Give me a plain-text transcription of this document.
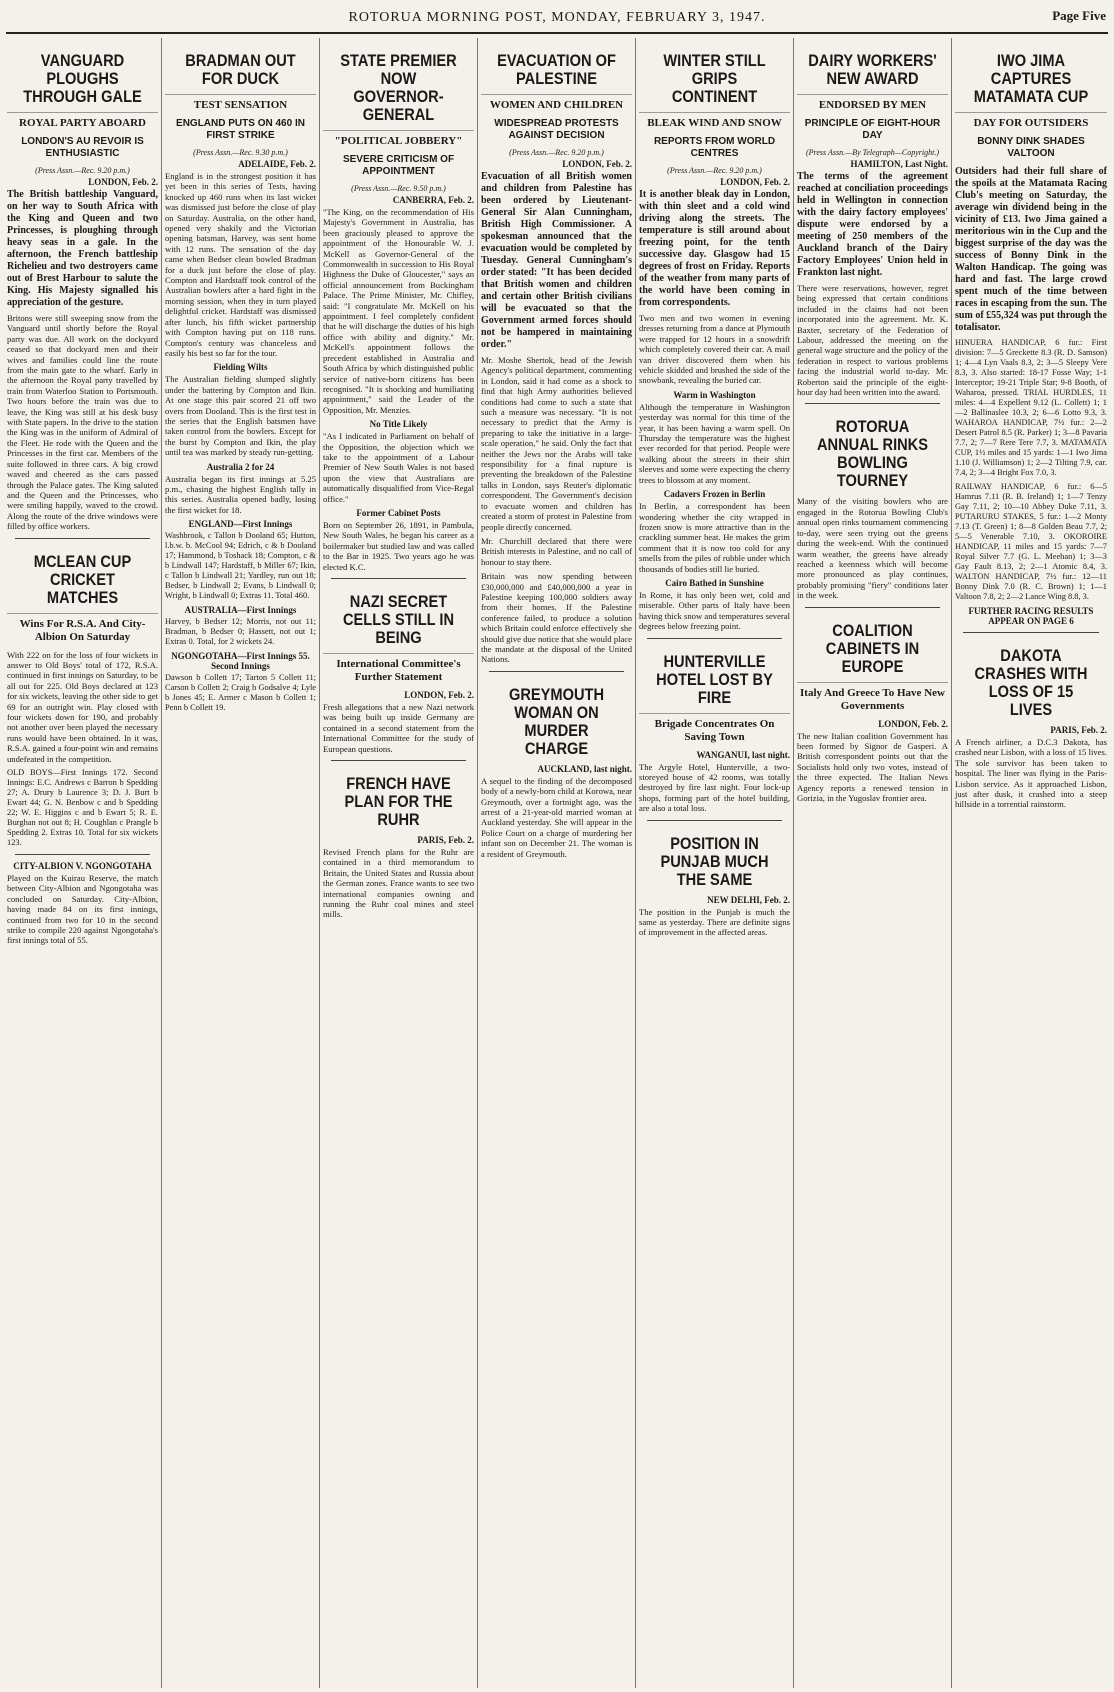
ROTORUA MORNING POST, MONDAY, FEBRUARY 3, 1947.	Page Five
VANGUARD PLOUGHS THROUGH GALE
ROYAL PARTY ABOARD
LONDON'S AU REVOIR IS ENTHUSIASTIC
(Press Assn.—Rec. 9.20 p.m.)
LONDON, Feb. 2.
The British battleship Vanguard, on her way to South Africa with the King and Queen and two Princesses, is ploughing through heavy seas in a gale. In the afternoon, the French battleship Richelieu and two destroyers came out of Brest Harbour to salute the King. His Majesty signalled his appreciation of the gesture.
Britons were still sweeping snow from the Vanguard until shortly before the Royal party was due. All work on the dockyard ceased so that dockyard men and their wives and families could line the route from the main gate to the wharf. Early in the afternoon the Royal party travelled by train from Waterloo Station to Portsmouth. Two hours before the train was due to leave, the King was still at his desk busy with State papers. In the drive to the station the King was in the uniform of Admiral of the Fleet. He rode with the Queen and the Princesses in the first car. Members of the suite followed in three cars. A big crowd waved and cheered as the cars passed through the Palace gates. The King saluted and the Queen and the Princesses, who were smiling happily, waved to the crowd. Along the route of the drive windows were filled by office workers.
MCLEAN CUP CRICKET MATCHES
Wins For R.S.A. And City-Albion On Saturday
With 222 on for the loss of four wickets in answer to Old Boys' total of 172, R.S.A. continued in first innings on Saturday, to be all out for 225. Old Boys declared at 123 for six wickets, leaving the other side to get 69 for an outright win. Play closed with four wickets down for 190, and probably not another over been played the necessary runs would have been obtained. In it was, R.S.A. gained a four-point win and remains undefeated in the competition.
OLD BOYS—First Innings 172. Second Innings: E.C. Andrews c Barron b Spedding 27; A. Drury b Laurence 3; D. J. Burt b Ewart 44; G. N. Benbow c and b Spedding 22; W. E. Higgins c and b Ewart 5; R. E. Burghan not out 8; H. Coughlan c Prangle b Spedding 2. Extras 10. Total for six wickets 123.
CITY-ALBION V. NGONGOTAHA
Played on the Kuirau Reserve, the match between City-Albion and Ngongotaha was concluded on Saturday. City-Albion, having made 84 on its first innings, continued from two for 10 in the second strike to compile 220 against Ngongotaha's first innings total of 55.
BRADMAN OUT FOR DUCK
TEST SENSATION
ENGLAND PUTS ON 460 IN FIRST STRIKE
(Press Assn.—Rec. 9.30 p.m.)
ADELAIDE, Feb. 2.
England is in the strongest position it has yet been in this series of Tests, having knocked up 460 runs when its last wicket was dismissed just before the close of play on Saturday. Australia, on the other hand, opened very shakily and the Victorian opening batsman, Harvey, was sent home with 12 runs. The sensation of the day came when Bedser clean bowled Bradman for a duck just before the close of play. Compton and Hardstaff took control of the Australian bowlers after a hard fight in the morning session, when they in turn played delightful cricket. Hardstaff was dismissed after lunch, his fifth wicket partnership with Compton having put on 118 runs. Compton's century was chanceless and easily his best so far for the tour.
Fielding Wilts
The Australian fielding slumped slightly under the battering by Compton and Ikin. At one stage this pair scored 21 off two overs from Dooland. This is the first test in the series that the English batsmen have taken control from the bowlers. Except for the burst by Compton and Ikin, the play until tea was marked by steady run-getting.
Australia 2 for 24
Australia began its first innings at 5.25 p.m., chasing the highest English tally in this series. Australia opened badly, losing the first wicket for 18.
ENGLAND—First Innings
Washbrook, c Tallon b Dooland 65; Hutton, l.b.w. b. McCool 94; Edrich, c & b Dooland 17; Hammond, b Toshack 18; Compton, c & b Lindwall 147; Hardstaff, b Miller 67; Ikin, c Tallon b Lindwall 21; Yardley, run out 18; Bedser, b Lindwall 2; Evans, b Lindwall 0; Wright, b Lindwall 0; Extras 11. Total 460.
AUSTRALIA—First Innings
Harvey, b Bedser 12; Morris, not out 11; Bradman, b Bedser 0; Hassett, not out 1; Extras 0. Total, for 2 wickets 24.
NGONGOTAHA—First Innings 55. Second Innings
Dawson b Collett 17; Tarton 5 Collett 11; Carson b Collett 2; Craig h Godsalve 4; Lyle b Jones 45; E. Armer c Mason b Collett 1; Penn b Collett 19.
STATE PREMIER NOW GOVERNOR-GENERAL
"POLITICAL JOBBERY"
SEVERE CRITICISM OF APPOINTMENT
(Press Assn.—Rec. 9.50 p.m.)
CANBERRA, Feb. 2.
"The King, on the recommendation of His Majesty's Government in Australia, has been graciously pleased to approve the appointment of the Honourable W. J. McKell as Governor-General of the Commonwealth in succession to His Royal Highness the Duke of Gloucester," says an official announcement from Buckingham Palace. The Prime Minister, Mr. Chifley, said: "I congratulate Mr. McKell on his appointment. I feel completely confident that he will discharge the duties of his high office with ability and dignity." Mr. McKell's appointment follows the precedent established in Australia and South Africa by which distinguished public service of native-born citizens has been recognised. "It is shocking and humiliating appointment," said the Leader of the Opposition, Mr. Menzies.
No Title Likely
"As I indicated in Parliament on behalf of the Opposition, the objection which we take to the appointment of a Labour Premier of New South Wales is not based upon the view that Australians are automatically disqualified from Vice-Regal office."
Former Cabinet Posts
Born on September 26, 1891, in Pambula, New South Wales, he began his career as a boilermaker but studied law and was called to the Bar in 1925. Two years ago he was elected K.C.
NAZI SECRET CELLS STILL IN BEING
International Committee's Further Statement
LONDON, Feb. 2.
Fresh allegations that a new Nazi network was being built up inside Germany are contained in a second statement from the International Committee for the study of European questions.
FRENCH HAVE PLAN FOR THE RUHR
PARIS, Feb. 2.
Revised French plans for the Ruhr are contained in a third memorandum to Britain, the United States and Russia about the German zones. France wants to see two international companies owning and running the Ruhr coal mines and steel mills.
EVACUATION OF PALESTINE
WOMEN AND CHILDREN
WIDESPREAD PROTESTS AGAINST DECISION
(Press Assn.—Rec. 9.20 p.m.)
LONDON, Feb. 2.
Evacuation of all British women and children from Palestine has been ordered by Lieutenant-General Sir Alan Cunningham, British High Commissioner. A spokesman announced that the evacuation would be completed by Tuesday. General Cunningham's order stated: "It has been decided that British women and children and certain other British civilians will be evacuated so that the Government armed forces should not be hampered in maintaining order."
Mr. Moshe Shertok, head of the Jewish Agency's political department, commenting in London, said it had come as a shock to find that high Army authorities believed conditions had come to such a state that such a measure was necessary. "It is not necessary to predict that the Army is preparing to take the initiative in a large-scale operation," he said. Only the fact that neither the Jews nor the Arabs will take responsibility for a final rupture is preventing the breakdown of the Palestine talks in London, says Reuter's diplomatic correspondent. The Government's decision to evacuate women and children has created a storm of protest in Palestine from people directly concerned.
Mr. Churchill declared that there were British interests in Palestine, and no call of honour to stay there.
Britain was now spending between £30,000,000 and £40,000,000 a year in Palestine keeping 100,000 soldiers away from their homes. If the Palestine conference failed, to produce a solution which Britain could enforce effectively she should give due notice that she would place the mandate at the disposal of the United Nations.
GREYMOUTH WOMAN ON MURDER CHARGE
AUCKLAND, last night.
A sequel to the finding of the decomposed body of a newly-born child at Korowa, near Greymouth, over a fortnight ago, was the arrest of a 21-year-old married woman at Auckland yesterday. She will appear in the Police Court on a charge of murdering her infant son on December 21. The woman is a resident of Greymouth.
WINTER STILL GRIPS CONTINENT
BLEAK WIND AND SNOW
REPORTS FROM WORLD CENTRES
(Press Assn.—Rec. 9.20 p.m.)
LONDON, Feb. 2.
It is another bleak day in London, with thin sleet and a cold wind driving along the streets. The temperature is still around about freezing point, for the tenth successive day. Glasgow had 15 degrees of frost on Friday. Reports of the weather from many parts of the world have been coming in from correspondents.
Two men and two women in evening dresses returning from a dance at Plymouth were trapped for 12 hours in a snowdrift which completely covered their car. A mail van driver discovered them when his vehicle skidded and brushed the side of the snowbank, revealing the buried car.
Warm in Washington
Although the temperature in Washington yesterday was normal for this time of the year, it has been having a warm spell. On Thursday the temperature was the highest ever recorded for that period. People were walking about the streets in their shirt sleeves and some were expecting the cherry trees to blossom at any moment.
Cadavers Frozen in Berlin
In Berlin, a correspondent has been wondering whether the city wrapped in frozen snow is more attractive than in the crackling summer heat. He makes the grim comment that it is now too cold for any smells from the piles of rubble under which thousands of bodies still lie buried.
Cairo Bathed in Sunshine
In Rome, it has only been wet, cold and miserable. Other parts of Italy have been having thick snow and temperatures several degrees below freezing point.
HUNTERVILLE HOTEL LOST BY FIRE
Brigade Concentrates On Saving Town
WANGANUI, last night.
The Argyle Hotel, Hunterville, a two-storeyed house of 42 rooms, was totally destroyed by fire last night. Four lock-up shops, forming part of the hotel building, are also a total loss.
POSITION IN PUNJAB MUCH THE SAME
NEW DELHI, Feb. 2.
The position in the Punjab is much the same as yesterday. There are definite signs of improvement in the affected areas.
DAIRY WORKERS' NEW AWARD
ENDORSED BY MEN
PRINCIPLE OF EIGHT-HOUR DAY
(Press Assn.—By Telegraph—Copyright.)
HAMILTON, Last Night.
The terms of the agreement reached at conciliation proceedings held in Wellington in connection with the dairy factory employees' dispute were endorsed by a meeting of 250 members of the Auckland branch of the Dairy Factory Employees' Union held in Frankton last night.
There were reservations, however, regret being expressed that certain conditions included in the claims had not been incorporated into the agreement. Mr. K. Baxter, secretary of the Federation of Labour, addressed the meeting on the general wage structure and the policy of the federation in respect to various problems facing the industrial world to-day. Mr. Roberton said the principle of the eight-hour day had been written into the award.
ROTORUA ANNUAL RINKS BOWLING TOURNEY
Many of the visiting bowlers who are engaged in the Rotorua Bowling Club's annual open rinks tournament commencing to-day, were seen trying out the greens during the week-end. With the continued warm weather, the greens have already reached a keenness which will become more pronounced as play continues, probably promising "fiery" conditions later in the week.
COALITION CABINETS IN EUROPE
Italy And Greece To Have New Governments
LONDON, Feb. 2.
The new Italian coalition Government has been formed by Signor de Gasperi. A British correspondent points out that the Socialists hold only two votes, instead of the three expected. The Italian News Agency reports a renewed tension in Gorizia, in the Yugoslav frontier area.
IWO JIMA CAPTURES MATAMATA CUP
DAY FOR OUTSIDERS
BONNY DINK SHADES VALTOON
Outsiders had their full share of the spoils at the Matamata Racing Club's meeting on Saturday, the average win dividend being in the vicinity of £13. Iwo Jima gained a meritorious win in the Cup and the biggest surprise of the day was the success of Bonny Dink in the Walton Handicap. The going was hard and fast. The large crowd spent much of the time between races in escaping from the sun. The sum of £55,324 was put through the totalisator.
HINUERA HANDICAP, 6 fur.: First division: 7—5 Greckette 8.3 (R. D. Samson) 1; 4—4 Lyn Vaals 8.3, 2; 3—5 Sleepy Vere 8.3, 3. Also started: 18-17 Fosse Way; 1-1 Interceptor; 19-21 Triple Star; 9-8 Booth, of Waharoa, pressed. TRIAL HURDLES, 11 miles: 4—4 Expellent 9.12 (L. Collett) 1; 1—2 Ballinaslee 10.3, 2; 6—6 Lotto 9.3, 3. WAHAROA HANDICAP, 7½ fur.: 2—2 Desert Patrol 8.5 (R. Parker) 1; 3—8 Pavaria 7.7, 2; 7—7 Rere Tere 7.7, 3. MATAMATA CUP, 1½ miles and 15 yards: 1—1 Iwo Jima 1.10 (J. Williamson) 1; 2—2 Tilting 7.9, car. 7.4, 2; 3—4 Bright Fox 7.0, 3.
RAILWAY HANDICAP, 6 fur.: 6—5 Hamrus 7.11 (R. B. Ireland) 1; 1—7 Tenzy Gay 7.11, 2; 10—10 Abbey Duke 7.11, 3. PUTARURU STAKES, 5 fur.: 1—2 Monty 7.13 (T. Green) 1; 8—8 Golden Beau 7.7, 2; 5—5 Venerable 7.10, 3. OKOROIRE HANDICAP, 11 miles and 15 yards: 7—7 Royal Silver 7.7 (G. L. Meehan) 1; 3—3 Gay Fault 8.13, 2; 2—1 Atomic 8.4, 3. WALTON HANDICAP, 7½ fur.: 12—11 Bonny Dink 7.0 (R. C. Brown) 1; 1—1 Valtoon 7.8, 2; 2—2 Lance Wing 8.8, 3.
FURTHER RACING RESULTS APPEAR ON PAGE 6
DAKOTA CRASHES WITH LOSS OF 15 LIVES
PARIS, Feb. 2.
A French airliner, a D.C.3 Dakota, has crashed near Lisbon, with a loss of 15 lives. The sole survivor has been taken to hospital. The liner was flying in the Paris-Lisbon service. As it approached Lisbon, just after dusk, it crashed into a steep hillside in a torrential rainstorm.
